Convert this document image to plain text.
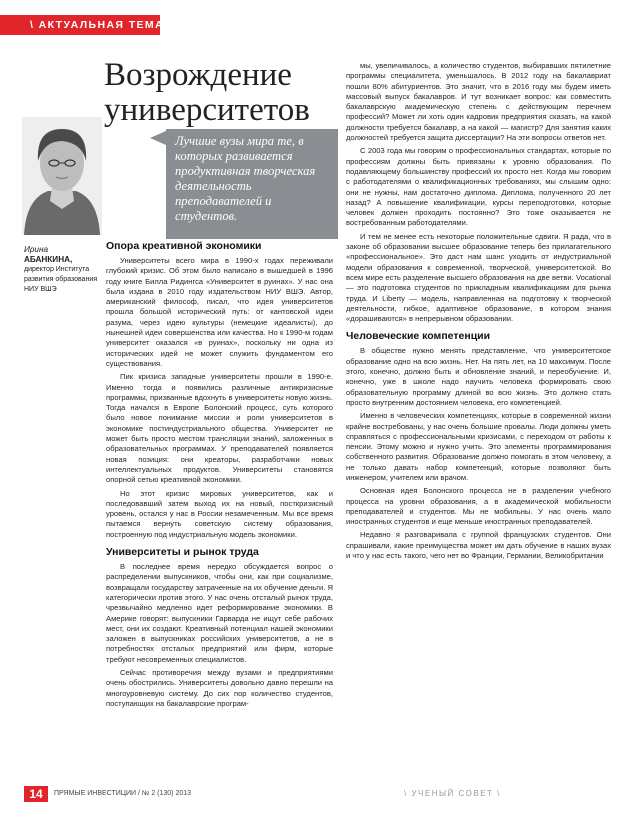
\ АКТУАЛЬНАЯ ТЕМА \
Возрождение университетов
Лучшие вузы мира те, в которых развивается продуктивная творческая деятельность преподавателей и студентов.
Ирина
АБАНКИНА,
директор Института развития образования НИУ ВШЭ
Опора креативной экономики

Университеты всего мира в 1990-х годах переживали глубокий кризис. Об этом было написано в вышедшей в 1996 году книге Билла Ридингса «Университет в руинах». У нас она была издана в 2010 году издательством НИУ ВШЭ. Автор, американский философ, писал, что идея университетов прошла большой исторический путь: от кантовской идеи разума, через идею культуры (немецкие идеалисты), до нынешней идеи совершенства или качества. Но к 1990-м годам университет оказался «в руинах», поскольку ни одна из исторических идей не может служить фундаментом его существования.

Пик кризиса западные университеты прошли в 1990-е. Именно тогда и появились различные антикризисные программы, призванные вдохнуть в университеты новую жизнь. Тогда начался в Европе Болонский процесс, суть которого было новое понимание миссии и роли университетов в экономике постиндустриального общества. Университет не может быть просто местом трансляции знаний, заложенных в образовательных программах. У преподавателей появляется новая позиция: они креаторы, разработчики новых интеллектуальных продуктов. Университеты становятся опорной сетью креативной экономики.

Но этот кризис мировых университетов, как и последовавший затем выход их на новый, посткризисный уровень, остался у нас в России незамеченным. Мы все время пытаемся вернуть советскую систему образования, построенную под индустриальную модель экономики.

Университеты и рынок труда

В последнее время нередко обсуждается вопрос о распределении выпускников, чтобы они, как при социализме, возвращали государству затраченные на их обучение деньги. Я категорически против этого. У нас очень отсталый рынок труда, чрезвычайно медленно идет реформирование экономики. В Америке говорят: выпускники Гарварда не ищут себе рабочих мест, они их создают. Креативный потенциал нашей экономики заложен в выпускниках российских университетов, а не в потребностях отсталых предприятий или фирм, которые требуют несовременных специалистов.

Сейчас противоречия между вузами и предприятиями очень обострились. Университеты довольно давно перешли на многоуровневую систему. До сих пор количество студентов, поступающих на бакалаврские програм-

мы, увеличивалось, а количество студентов, выбиравших пятилетние программы специалитета, уменьшалось. В 2012 году на бакалавриат пошли 80% абитуриентов. Это значит, что в 2016 году мы будем иметь массовый выпуск бакалавров. И тут возникает вопрос: как совместить бакалаврскую академическую степень с действующим перечнем профессий? Может ли хоть один кадровик предприятия сказать, на какой должности требуется бакалавр, а на какой — магистр? Для занятия каких должностей требуется защита диссертации? На эти вопросы ответов нет.

С 2003 года мы говорим о профессиональных стандартах, которые по профессиям должны быть привязаны к уровню образования. По подавляющему большинству профессий их просто нет. Когда мы говорим с работодателями о квалификационных требованиях, мы слышим одно: они не нужны, нам достаточно диплома. Диплома, полученного 20 лет назад? А повышение квалификации, курсы переподготовки, которые человек должен проходить постоянно? Это тоже оказывается не востребованным работодателями.

И тем не менее есть некоторые положительные сдвиги. Я рада, что в законе об образовании высшее образование теперь без прилагательного «профессиональное». Это даст нам шанс уходить от индустриальной модели образования к современной, творческой, университетской. Во всем мире есть разделение высшего образования на две ветви. Vocational — это подготовка студентов по прикладным квалификациям для рынка труда. И Liberty — модель, направленная на подготовку к творческой деятельности, гибкое, адаптивное образование, в котором знания «дорашиваются» в непрерывном образовании.

Человеческие компетенции

В обществе нужно менять представление, что университетское образование одно на всю жизнь. Нет. На пять лет, на 10 максимум. После этого, конечно, должно быть и обновление знаний, и переобучение. И, конечно, уже в школе надо научить человека формировать свою образовательную программу длиной во всю жизнь. Это должно стать просто внутренним достоянием человека, его компетенцией.

Именно в человеческих компетенциях, которые в современной жизни крайне востребованы, у нас очень большие провалы. Люди должны уметь справляться с профессиональными кризисами, с переходом от работы к пенсии. Этому можно и нужно учить. Это элементы программирования собственного развития. Образование должно помогать в этом человеку, а не только давать набор компетенций, которые позволяют быть инженером, учителем или врачом.

Основная идея Болонского процесса не в разделении учебного процесса на уровни образования, а в академической мобильности преподавателей и студентов. Мы не мобильны. У нас очень мало иностранных студентов и еще меньше иностранных преподавателей.

Недавно я разговаривала с группой французских студентов. Они спрашивали, какие преимущества может им дать обучение в наших вузах и что у нас есть такого, чего нет во Франции, Германии, Великобритании

14	ПРЯМЫЕ ИНВЕСТИЦИИ / № 2 (130) 2013	\ УЧЕНЫЙ СОВЕТ \
